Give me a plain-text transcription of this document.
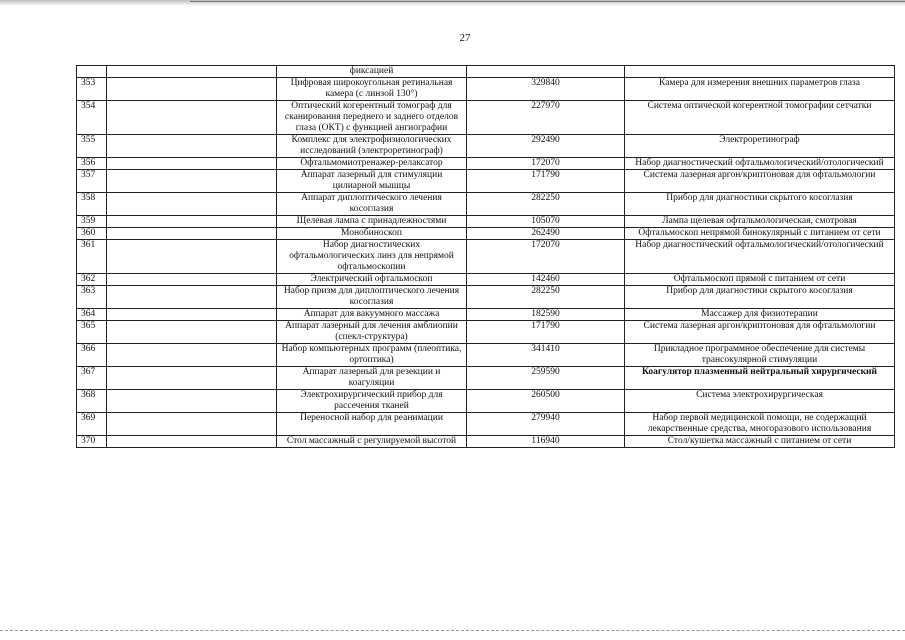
27
		фиксацией		
353		Цифровая широкоугольная ретинальная камера (с линзой 130°)	329840	Камера для измерения внешних параметров глаза
354		Оптический когерентный томограф для сканирования переднего и заднего отделов глаза (ОКТ) с функцией ангиографии	227970	Система оптической когерентной томографии сетчатки
355		Комплекс для электрофизиологических исследований (электроретинограф)	292490	Электроретинограф
356		Офтальмомиотренажер-релаксатор	172070	Набор диагностический офтальмологический/отологический
357		Аппарат лазерный для стимуляции цилиарной мышцы	171790	Система лазерная аргон/криптоновая для офтальмологии
358		Аппарат диплоптического лечения косоглазия	282250	Прибор для диагностики скрытого косоглазия
359		Щелевая лампа с принадлежностями	105070	Лампа щелевая офтальмологическая, смотровая
360		Монобиноскоп	262490	Офтальмоскоп непрямой бинокулярный с питанием от сети
361		Набор диагностических офтальмологических линз для непрямой офтальмоскопии	172070	Набор диагностический офтальмологический/отологический
362		Электрический офтальмоскоп	142460	Офтальмоскоп прямой с питанием от сети
363		Набор призм для диплоптического лечения косоглазия	282250	Прибор для диагностики скрытого косоглазия
364		Аппарат для вакуумного массажа	182590	Массажер для физиотерапии
365		Аппарат лазерный для лечения амблиопии (спекл-структура)	171790	Система лазерная аргон/криптоновая для офтальмологии
366		Набор компьютерных программ (плеоптика, ортоптика)	341410	Прикладное программное обеспечение для системы трансокулярной стимуляции
367		Аппарат лазерный для резекции и коагуляции	259590	Коагулятор плазменный нейтральный хирургический
368		Электрохирургический прибор для рассечения тканей	260500	Система электрохирургическая
369		Переносной набор для реанимации	279940	Набор первой медицинской помощи, не содержащий лекарственные средства, многоразового использования
370		Стол массажный с регулируемой высотой	116940	Стол/кушетка массажный с питанием от сети
